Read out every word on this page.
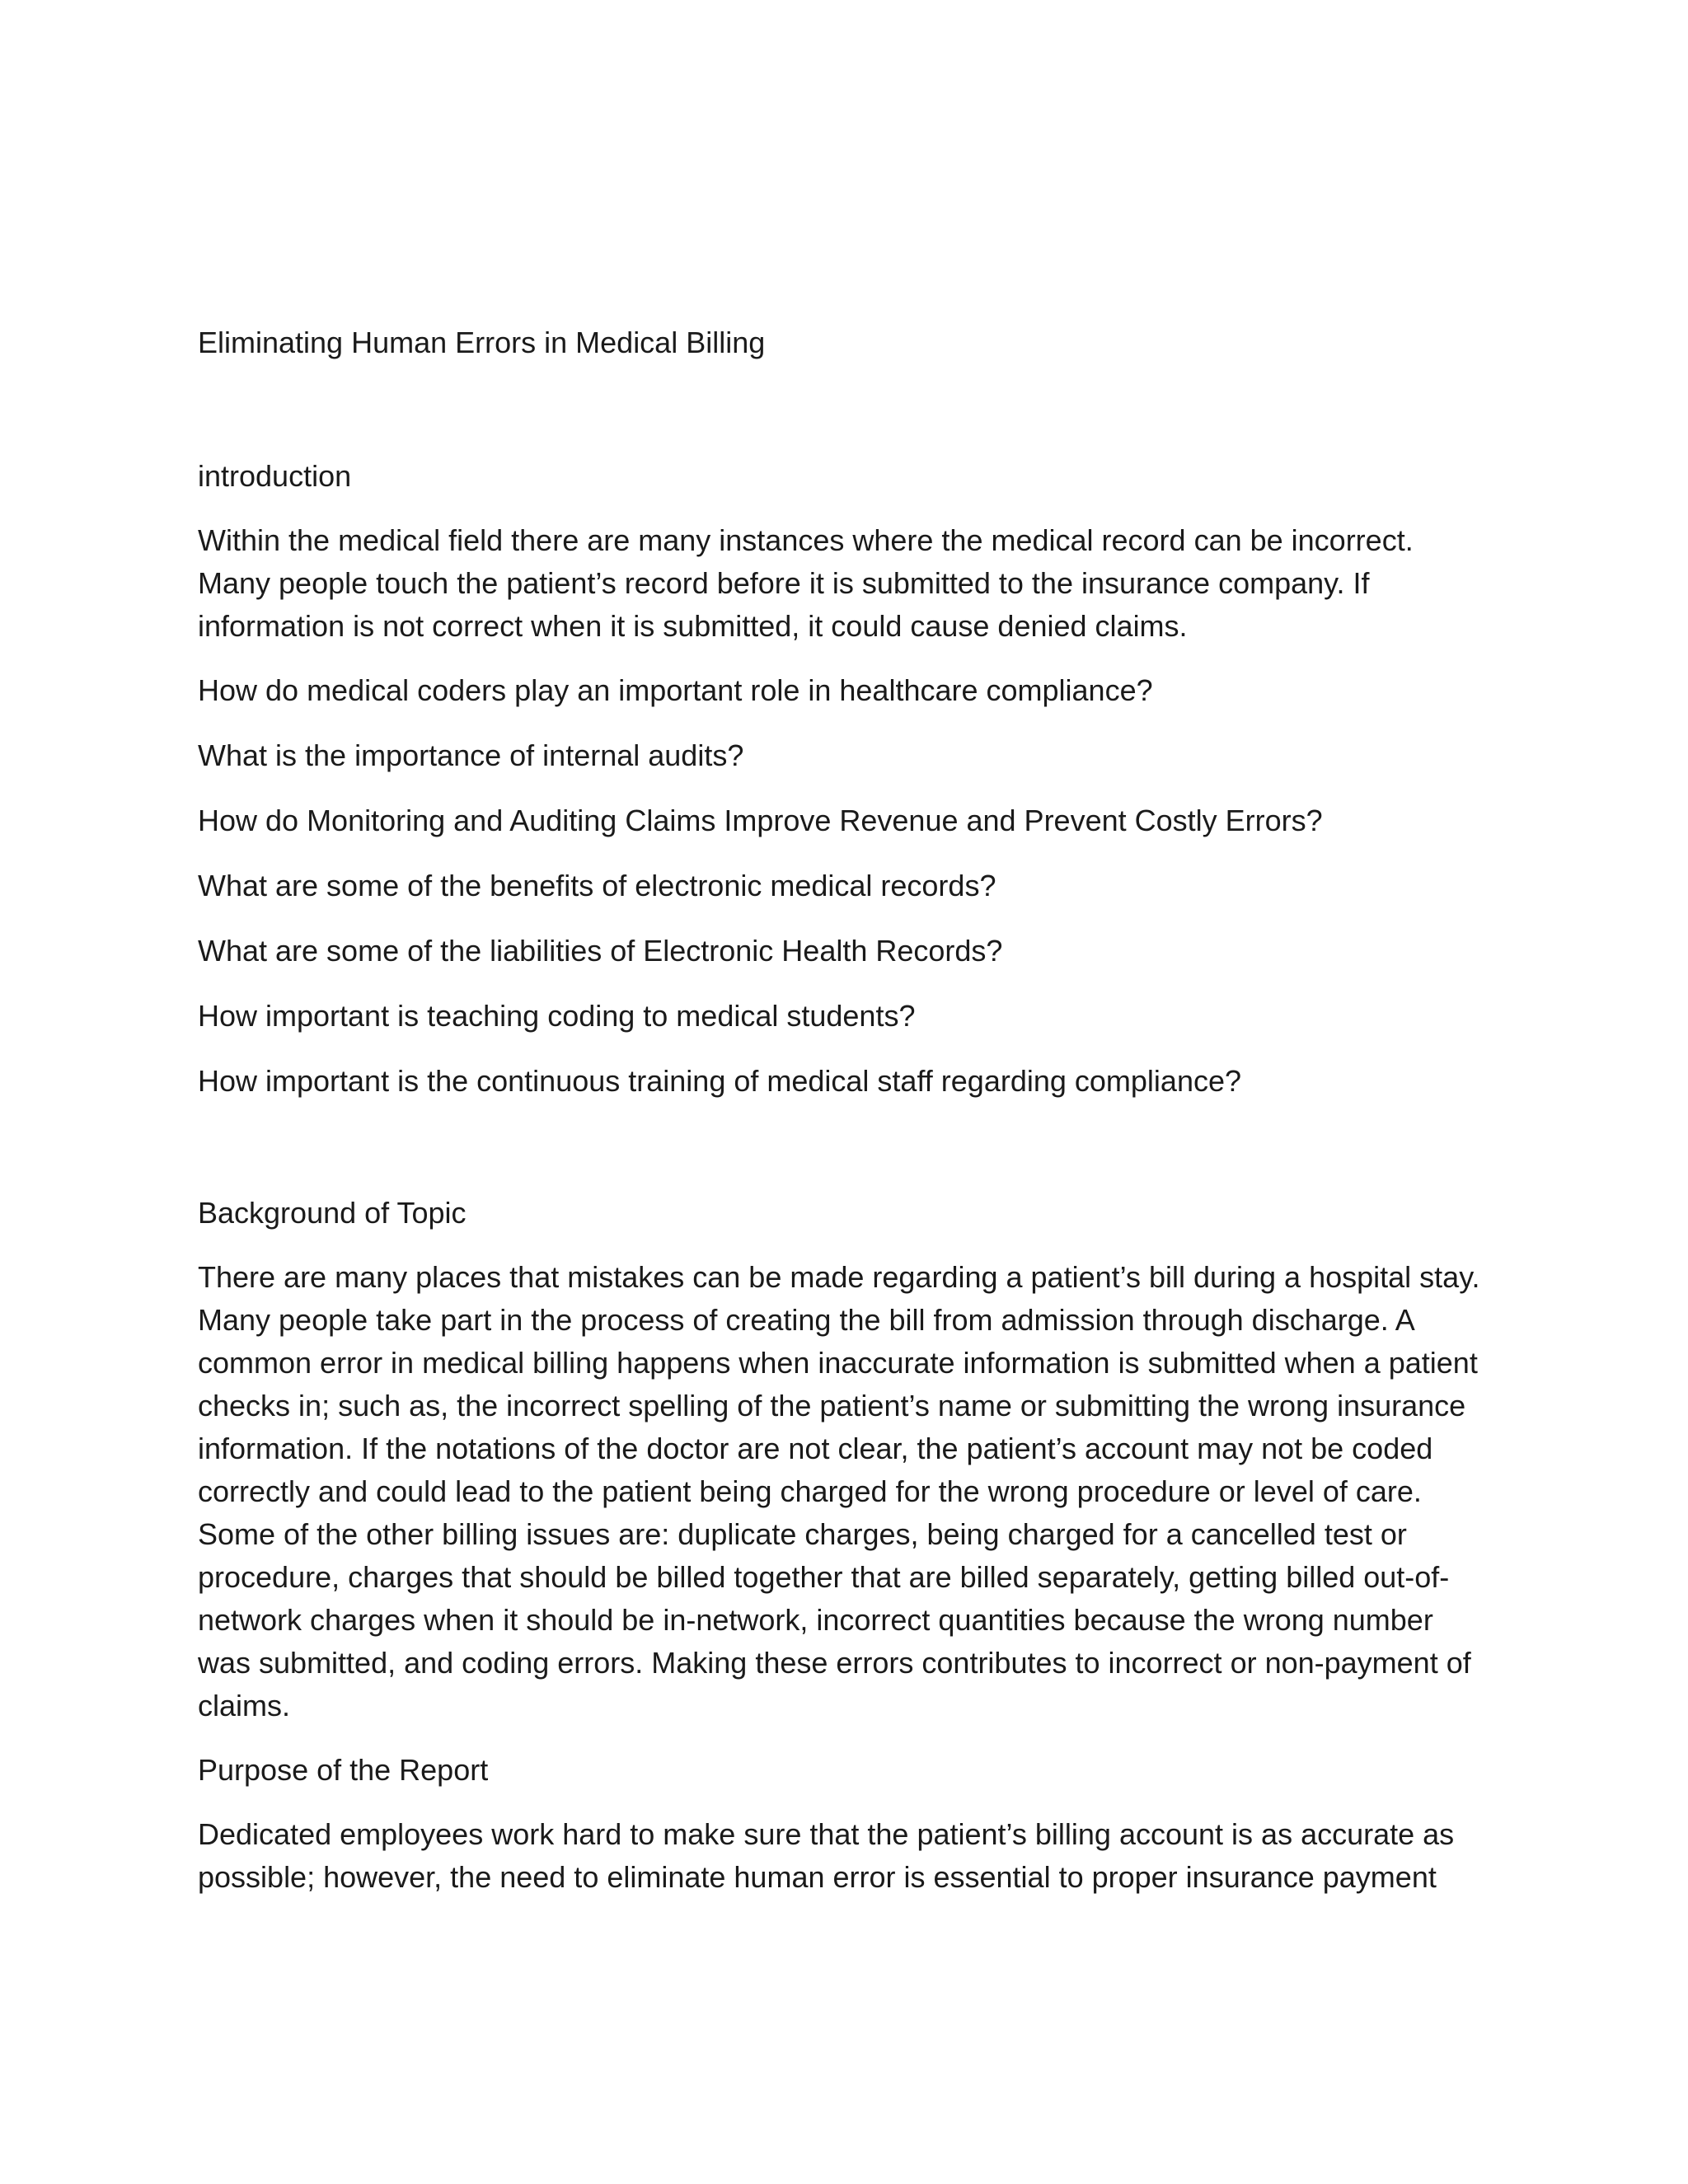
Eliminating Human Errors in Medical Billing
introduction

Within the medical field there are many instances where the medical record can be incorrect. Many people touch the patient’s record before it is submitted to the insurance company. If information is not correct when it is submitted, it could cause denied claims.

How do medical coders play an important role in healthcare compliance?

What is the importance of internal audits?

How do Monitoring and Auditing Claims Improve Revenue and Prevent Costly Errors?

What are some of the benefits of electronic medical records?

What are some of the liabilities of Electronic Health Records?

How important is teaching coding to medical students?

How important is the continuous training of medical staff regarding compliance?

Background of Topic

There are many places that mistakes can be made regarding a patient’s bill during a hospital stay. Many people take part in the process of creating the bill from admission through discharge. A common error in medical billing happens when inaccurate information is submitted when a patient checks in; such as, the incorrect spelling of the patient’s name or submitting the wrong insurance information. If the notations of the doctor are not clear, the patient’s account may not be coded correctly and could lead to the patient being charged for the wrong procedure or level of care. Some of the other billing issues are: duplicate charges, being charged for a cancelled test or procedure, charges that should be billed together that are billed separately, getting billed out-of-network charges when it should be in-network, incorrect quantities because the wrong number was submitted, and coding errors. Making these errors contributes to incorrect or non-payment of claims.

Purpose of the Report

Dedicated employees work hard to make sure that the patient’s billing account is as accurate as possible; however, the need to eliminate human error is essential to proper insurance payment
